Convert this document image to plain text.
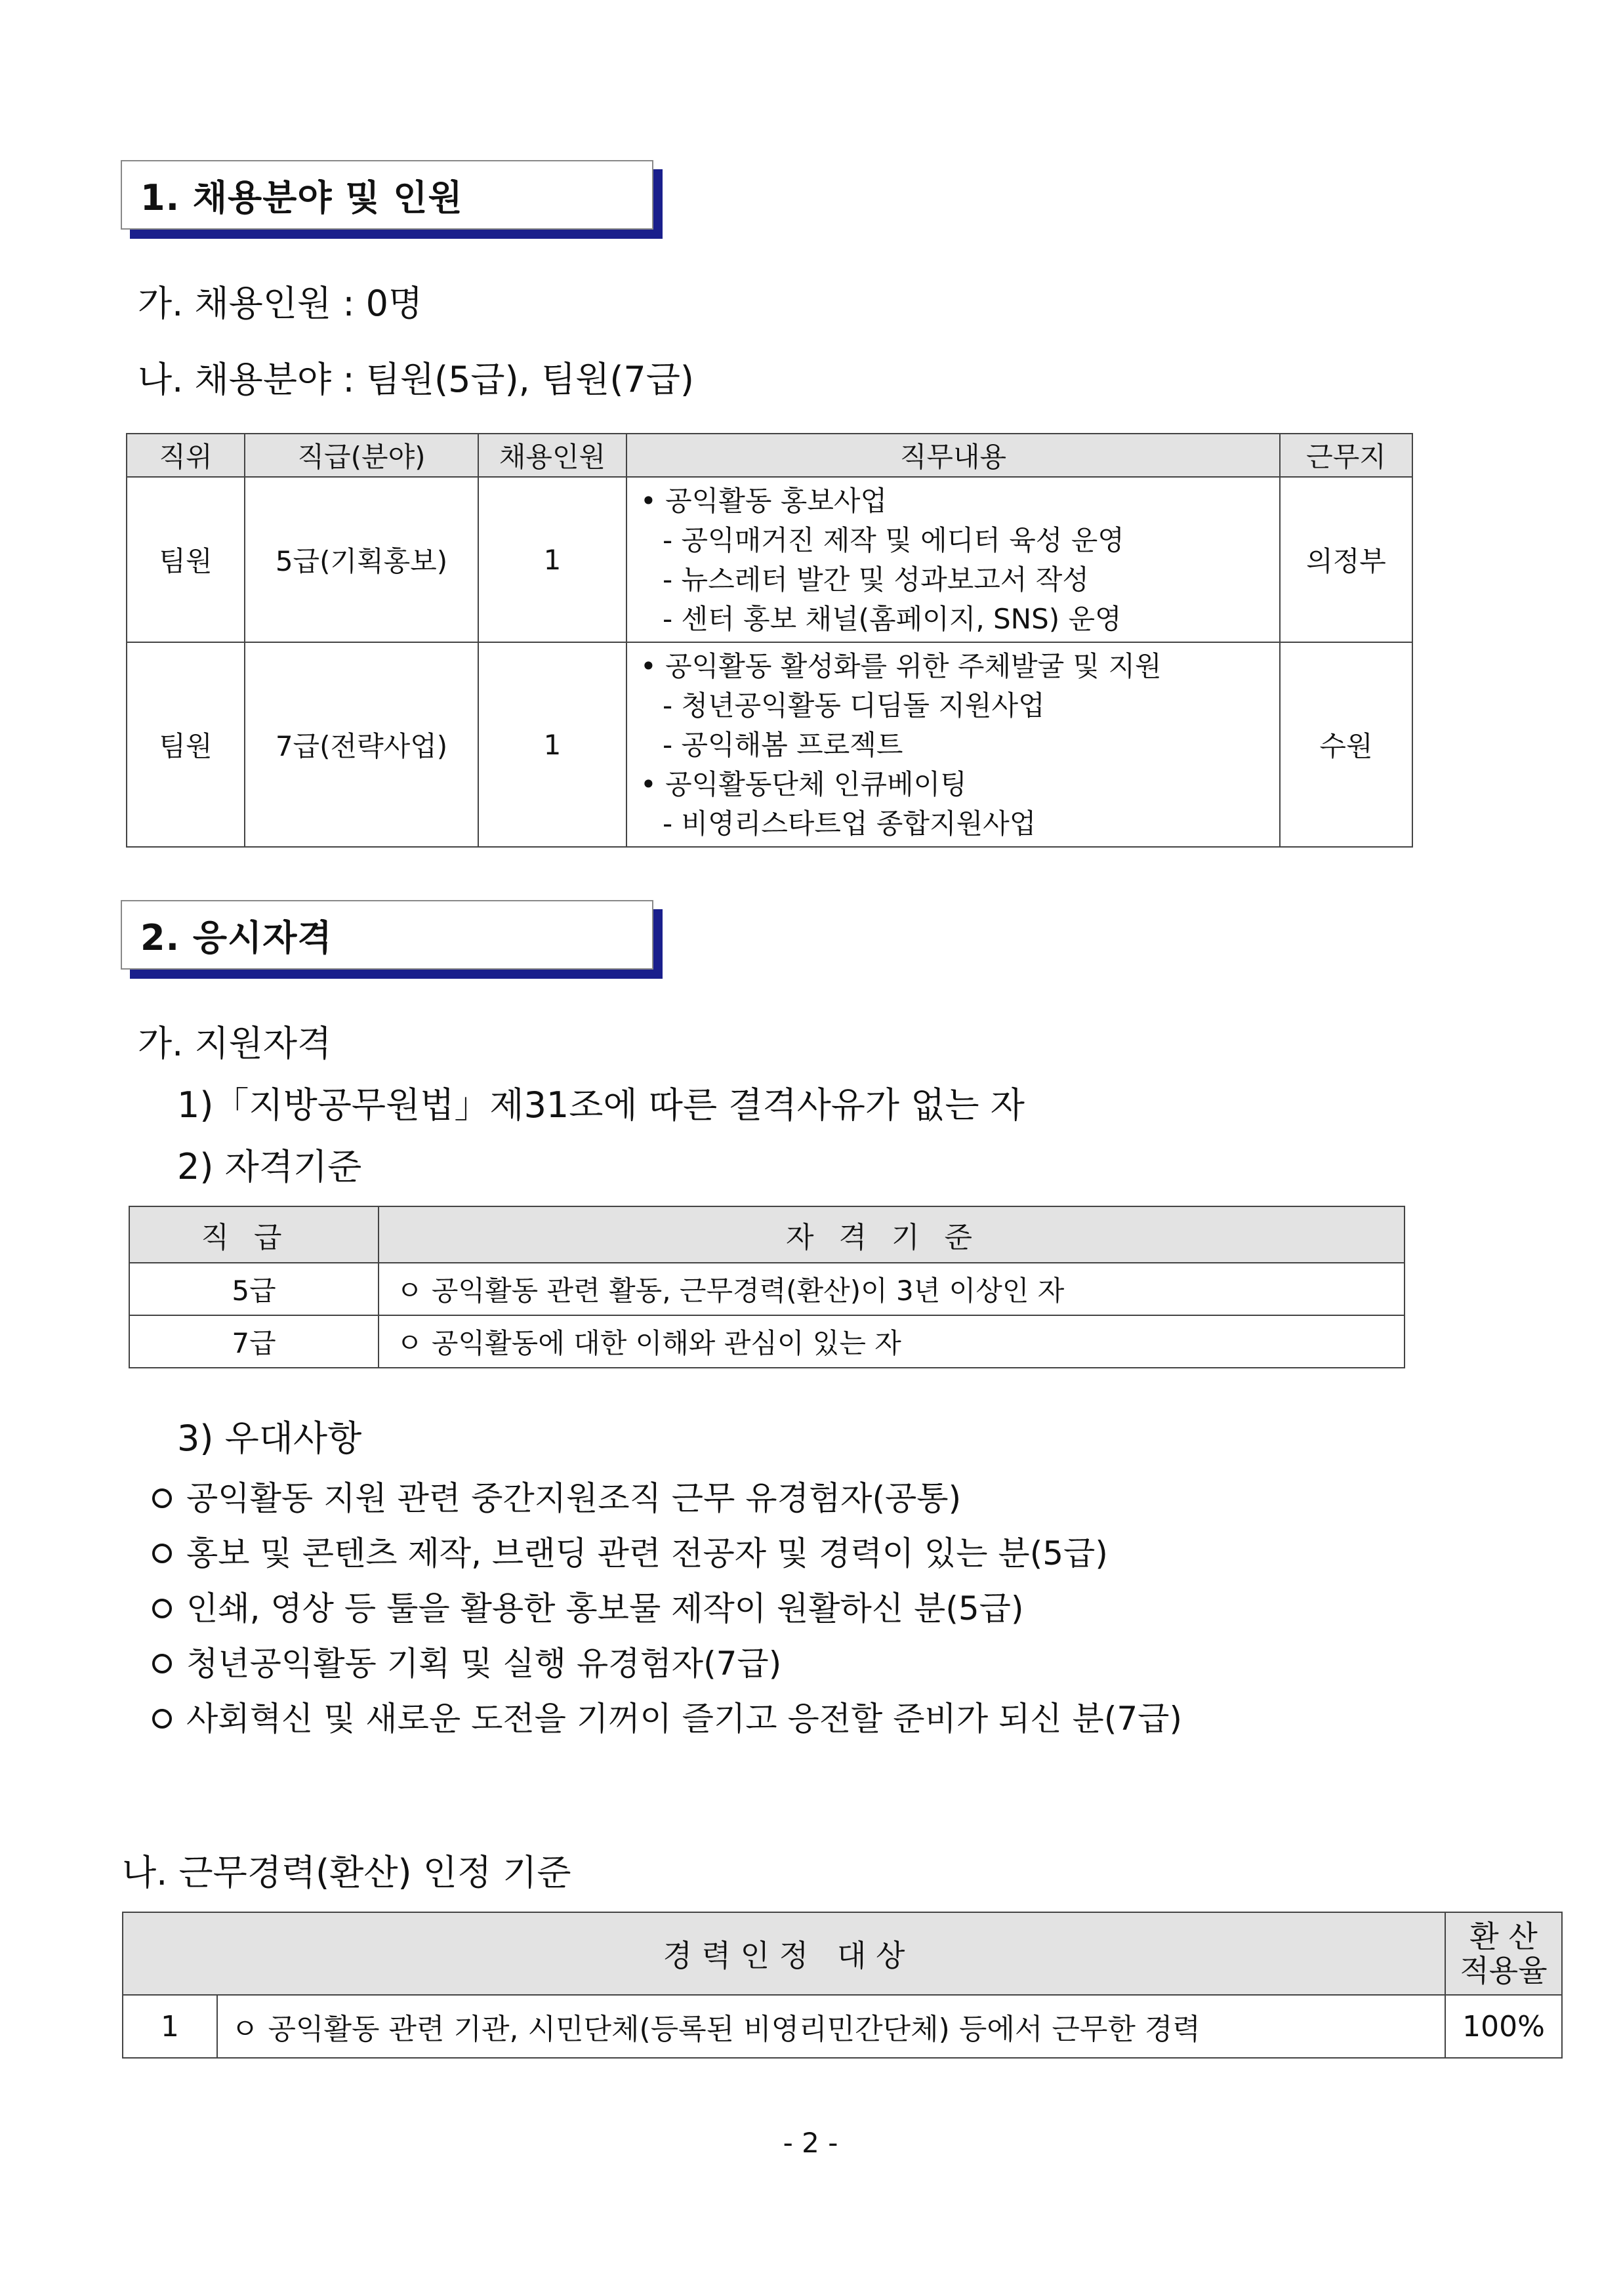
1. 채용분야 및 인원
가. 채용인원 : 0명
나. 채용분야 : 팀원(5급), 팀원(7급)
직위	직급(분야)	채용인원	직무내용	근무지
팀원	5급(기획홍보)	1	• 공익활동 홍보사업
- 공익매거진 제작 및 에디터 육성 운영
- 뉴스레터 발간 및 성과보고서 작성
- 센터 홍보 채널(홈페이지, SNS) 운영	의정부
팀원	7급(전략사업)	1	• 공익활동 활성화를 위한 주체발굴 및 지원
- 청년공익활동 디딤돌 지원사업
- 공익해봄 프로젝트
• 공익활동단체 인큐베이팅
- 비영리스타트업 종합지원사업	수원
2. 응시자격
가. 지원자격
1)「지방공무원법」제31조에 따른 결격사유가 없는 자
2) 자격기준
직급	자격기준
5급	ㅇ 공익활동 관련 활동, 근무경력(환산)이 3년 이상인 자
7급	ㅇ 공익활동에 대한 이해와 관심이 있는 자
3) 우대사항
공익활동 지원 관련 중간지원조직 근무 유경험자(공통)
홍보 및 콘텐츠 제작, 브랜딩 관련 전공자 및 경력이 있는 분(5급)
인쇄, 영상 등 툴을 활용한 홍보물 제작이 원활하신 분(5급)
청년공익활동 기획 및 실행 유경험자(7급)
사회혁신 및 새로운 도전을 기꺼이 즐기고 응전할 준비가 되신 분(7급)
나. 근무경력(환산) 인정 기준
경 력 인 정   대 상		환 산
적용율

1	ㅇ 공익활동 관련 기관, 시민단체(등록된 비영리민간단체) 등에서 근무한 경력	100%
- 2 -
